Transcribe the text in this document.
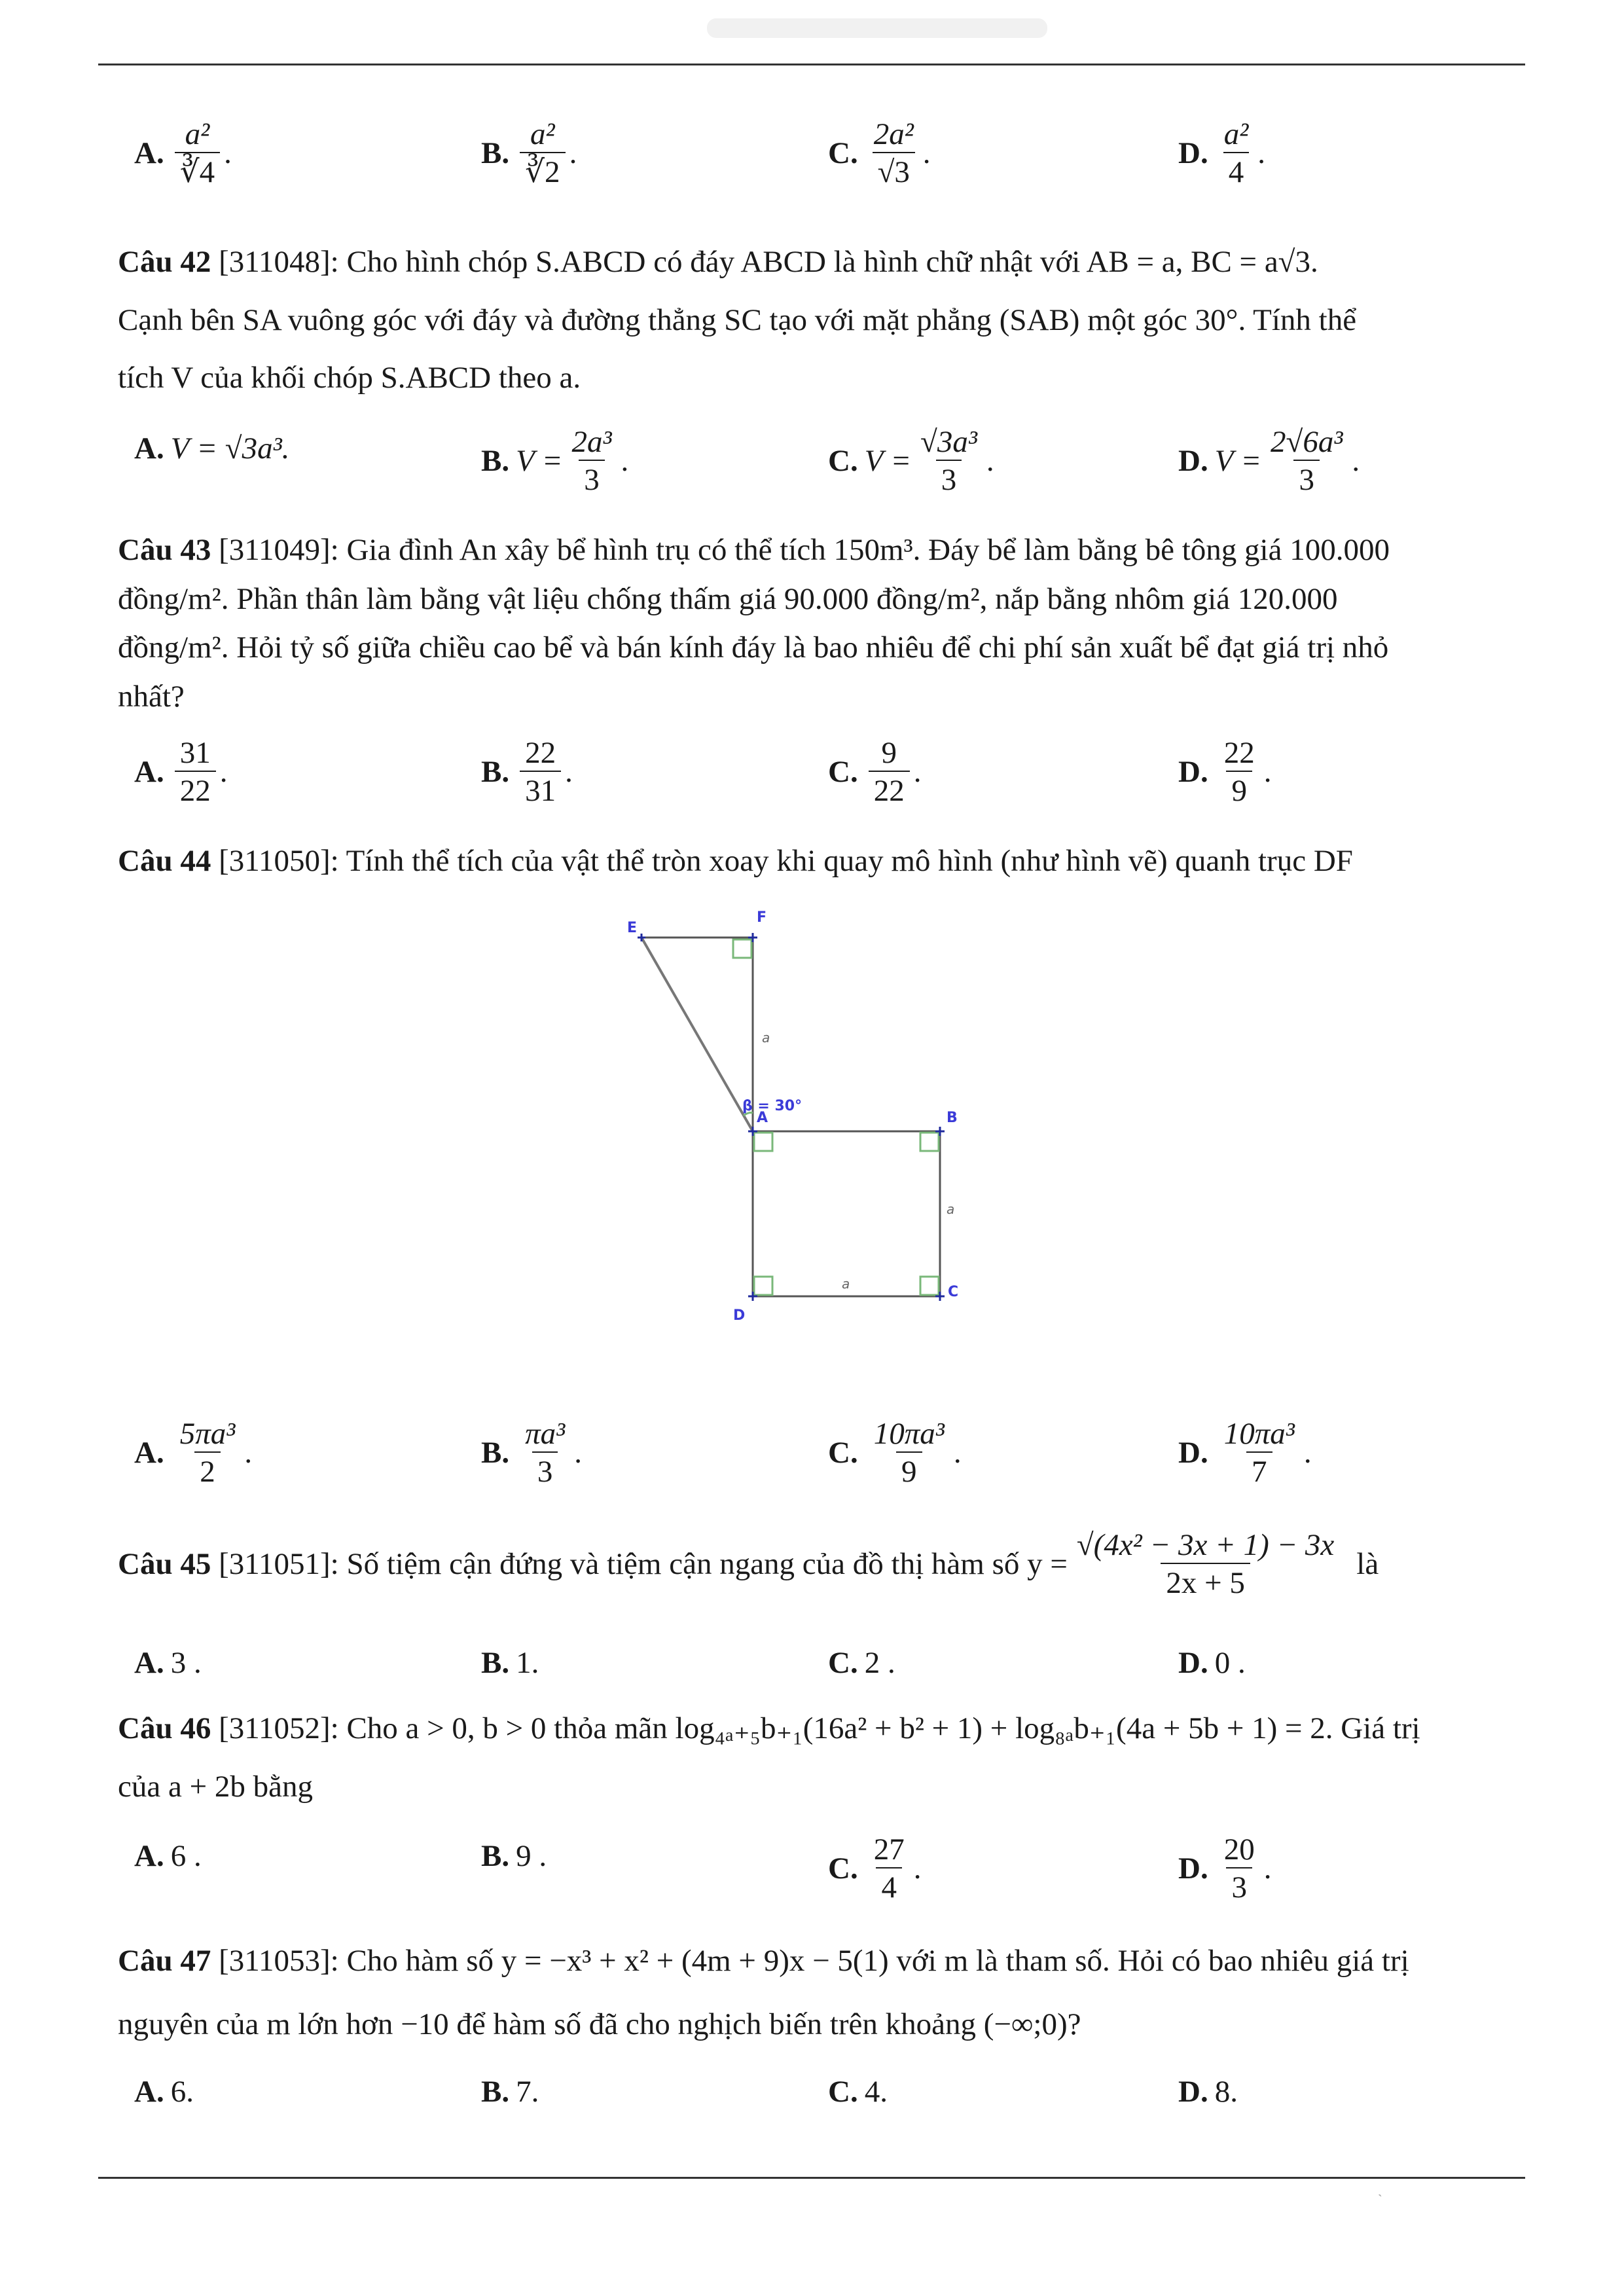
A. $\frac{\text{a²}}{∛4}$ .	B. $\frac{\text{a²}}{∛2}$ .	C. $\frac{\text{2a²}}{√3}$ .	D. $\frac{\text{a²}}{4}$ .
Câu 42 [311048]: Cho hình chóp S.ABCD có đáy ABCD là hình chữ nhật với AB = a, BC = a√3.
Cạnh bên SA vuông góc với đáy và đường thẳng SC tạo với mặt phẳng (SAB) một góc 30°. Tính thể
tích V của khối chóp S.ABCD theo a.
A. V = √3a³.	B. $V = \frac{\text{2a³}}{3}$ .	C. $V = \frac{\text{√3a³}}{3}$ .	D. $V = \frac{\text{2√6a³}}{3}$ .
Câu 43 [311049]: Gia đình An xây bể hình trụ có thể tích 150m³. Đáy bể làm bằng bê tông giá 100.000
đồng/m². Phần thân làm bằng vật liệu chống thấm giá 90.000 đồng/m², nắp bằng nhôm giá 120.000
đồng/m². Hỏi tỷ số giữa chiều cao bể và bán kính đáy là bao nhiêu để chi phí sản xuất bể đạt giá trị nhỏ
nhất?
A. $\frac{31}{22}$ .	B. $\frac{22}{31}$ .	C. $\frac{9}{22}$ .	D. $\frac{22}{9}$ .
Câu 44 [311050]: Tính thể tích của vật thể tròn xoay khi quay mô hình (như hình vẽ) quanh trục DF
E
F
A	B
C
D
β = 30°
a
a
a
A. $\frac{\text{5πa³}}{2}$ .	B. $\frac{\text{πa³}}{3}$ .	C. $\frac{\text{10πa³}}{9}$ .	D. $\frac{\text{10πa³}}{7}$ .
Câu 45
[311051]: Số tiệm cận đứng và tiệm cận ngang của đồ thị hàm số $y = \frac{\text{√(4x² − 3x + 1) − 3x}}{2x + 5}$ là
A. 3 .	B. 1.	C. 2 .	D. 0 .
Câu 46 [311052]: Cho a > 0, b > 0 thỏa mãn log₄ₐ₊₅b₊₁(16a² + b² + 1) + log₈ₐb₊₁(4a + 5b + 1) = 2. Giá trị
của a + 2b bằng
A. 6 .	B. 9 .	C. $\frac{27}{4}$ .	D. $\frac{20}{3}$ .
Câu 47 [311053]: Cho hàm số y = −x³ + x² + (4m + 9)x − 5(1) với m là tham số. Hỏi có bao nhiêu giá trị
nguyên của m lớn hơn −10 để hàm số đã cho nghịch biến trên khoảng (−∞;0)?
A. 6.	B. 7.	C. 4.	D. 8.
`
